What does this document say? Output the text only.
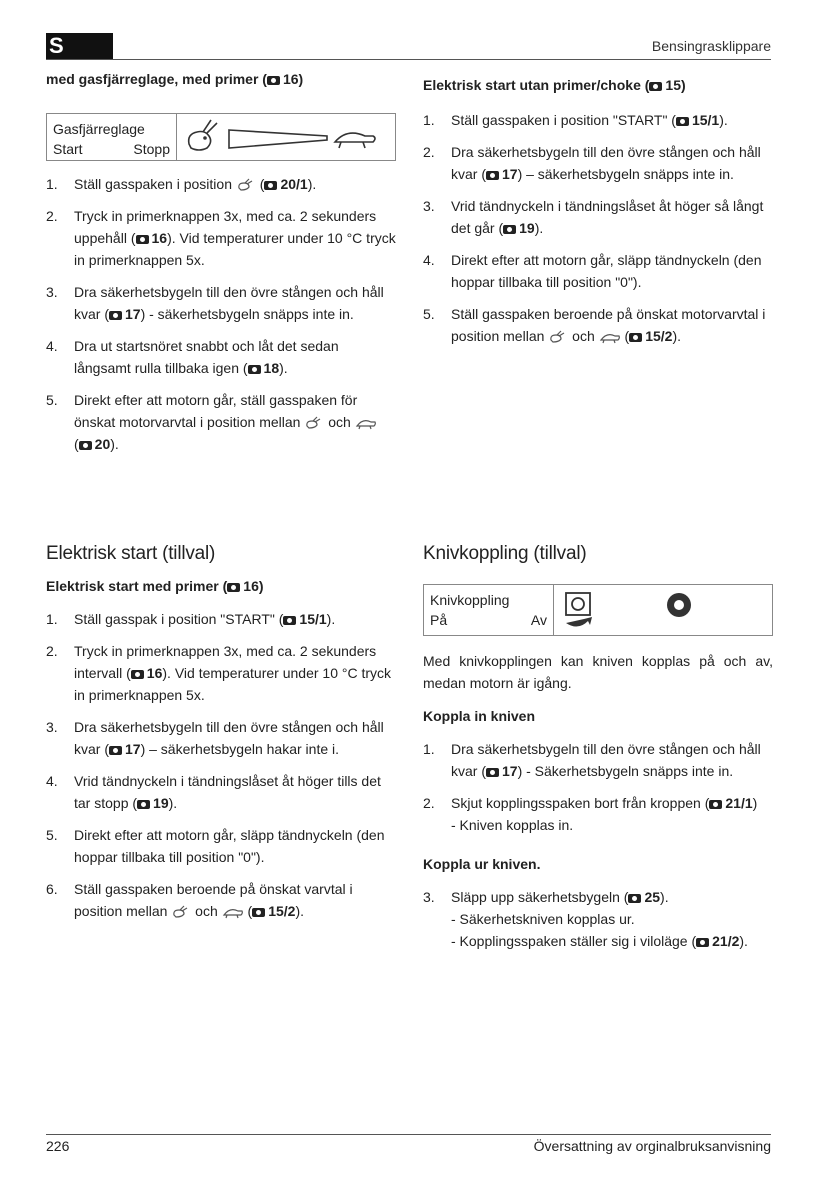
S	Bensingrasklippare
med gasfjärreglage, med primer ( 16)
Gasfjärreglage
Start	Stopp
1. Ställ gasspaken i position  ( 20/1).
2. Tryck in primerknappen 3x, med ca. 2 sekunders uppehåll ( 16). Vid temperaturer under 10 °C tryck in primerknappen 5x.
3. Dra säkerhetsbygeln till den övre stången och håll kvar ( 17) - säkerhetsbygeln snäpps inte in.
4. Dra ut startsnöret snabbt och låt det sedan långsamt rulla tillbaka igen ( 18).
5. Direkt efter att motorn går, ställ gasspaken för önskat motorvarvtal i position mellan  och
( 20).
Elektrisk start utan primer/choke ( 15)
1. Ställ gasspaken i position "START" ( 15/1).
2. Dra säkerhetsbygeln till den övre stången och håll kvar ( 17) – säkerhetsbygeln snäpps inte in.
3. Vrid tändnyckeln i tändningslåset åt höger så långt det går ( 19).
4. Direkt efter att motorn går, släpp tändnyckeln (den hoppar tillbaka till position "0").
5. Ställ gasspaken beroende på önskat motorvarvtal i position mellan  och  ( 15/2).
Elektrisk start (tillval)
Elektrisk start med primer ( 16)
1. Ställ gasspak i position "START" ( 15/1).
2. Tryck in primerknappen 3x, med ca. 2 sekunders intervall ( 16). Vid temperaturer under 10 °C tryck in primerknappen 5x.
3. Dra säkerhetsbygeln till den övre stången och håll kvar ( 17) – säkerhetsbygeln hakar inte i.
4. Vrid tändnyckeln i tändningslåset åt höger tills det tar stopp ( 19).
5. Direkt efter att motorn går, släpp tändnyckeln (den hoppar tillbaka till position "0").
6. Ställ gasspaken beroende på önskat varvtal i position mellan  och  ( 15/2).
Knivkoppling (tillval)
Knivkoppling
På	Av

Med knivkopplingen kan kniven kopplas på och av, medan motorn är igång.

Koppla in kniven
1. Dra säkerhetsbygeln till den övre stången och håll kvar ( 17) - Säkerhetsbygeln snäpps inte in.
2. Skjut kopplingsspaken bort från kroppen ( 21/1)
- Kniven kopplas in.
Koppla ur kniven.
3. Släpp upp säkerhetsbygeln ( 25).
- Säkerhetskniven kopplas ur.
- Kopplingsspaken ställer sig i viloläge ( 21/2).
226	Översattning av orginalbruksanvisning
